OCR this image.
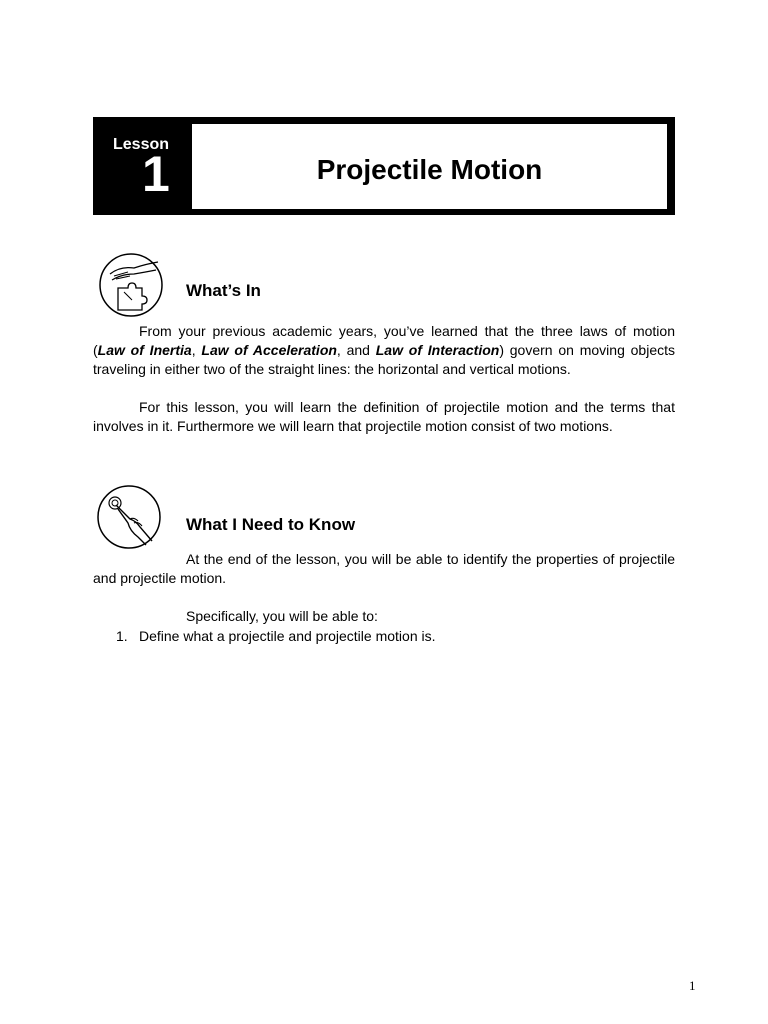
Lesson
1	Projectile Motion
What’s In

From your previous academic years, you’ve learned that the three laws of motion (Law of Inertia, Law of Acceleration, and Law of Interaction) govern on moving objects traveling in either two of the straight lines: the horizontal and vertical motions.

For this lesson, you will learn the definition of projectile motion and the terms that involves in it. Furthermore we will learn that projectile motion consist of two motions.

What I Need to Know

At the end of the lesson, you will be able to identify the properties of projectile and projectile motion.

Specifically, you will be able to:
1. Define what a projectile and projectile motion is.
1
